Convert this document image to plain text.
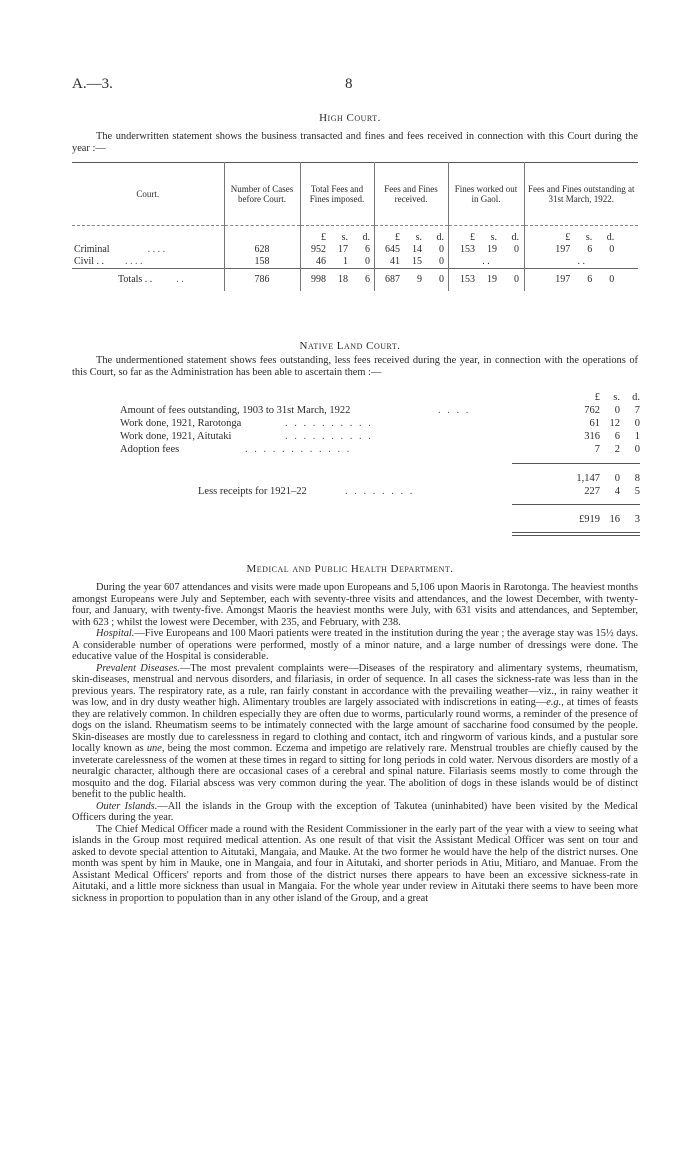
A.—3.	8
High Court.

The underwritten statement shows the business transacted and fines and fees received in connection with this Court during the year :—

Court.	Number of Cases before Court.	Total Fees and Fines imposed.	Fees and Fines received.	Fines worked out in Gaol.	Fees and Fines outstanding at 31st March, 1922.

		£ s. d.	£ s. d.	£ s. d.	£ s. d.

Criminal . . . .	628	952 17 6	645 14 0	153 19 0	197 6 0

Civil . . . . . .	158	46 1 0	41 15 0	. .	. .
Totals . . . .	786	998 18 6	687 9 0	153 19 0	197 6 0
Native Land Court.

The undermentioned statement shows fees outstanding, less fees received during the year, in connection with the operations of this Court, so far as the Administration has been able to ascertain them :—

£	s.	d.
Amount of fees outstanding, 1903 to 31st March, 1922	. . . .	762	0	7
Work done, 1921, Rarotonga	. . . . . . . . . .	61 12	0
Work done, 1921, Aitutaki	. . . . . . . . . .	316	6	1
Adoption fees	. . . . . . . . . . . .	7	2	0
1,147	0	8
Less receipts for 1921–22	. . . . . . . .	227	4	5
£919 16	3
Medical and Public Health Department.

During the year 607 attendances and visits were made upon Europeans and 5,106 upon Maoris in Rarotonga. The heaviest months amongst Europeans were July and September, each with seventy-three visits and attendances, and the lowest December, with twenty-four, and January, with twenty-five. Amongst Maoris the heaviest months were July, with 631 visits and attendances, and September, with 623 ; whilst the lowest were December, with 235, and February, with 238.

Hospital.—Five Europeans and 100 Maori patients were treated in the institution during the year ; the average stay was 15½ days. A considerable number of operations were performed, mostly of a minor nature, and a large number of dressings were done. The educative value of the Hospital is considerable.

Prevalent Diseases.—The most prevalent complaints were—Diseases of the respiratory and alimentary systems, rheumatism, skin-diseases, menstrual and nervous disorders, and filariasis, in order of sequence. In all cases the sickness-rate was less than in the previous years. The respiratory rate, as a rule, ran fairly constant in accordance with the prevailing weather—viz., in rainy weather it was low, and in dry dusty weather high. Alimentary troubles are largely associated with indiscretions in eating—e.g., at times of feasts they are relatively common. In children especially they are often due to worms, particularly round worms, a reminder of the presence of dogs on the island. Rheumatism seems to be intimately connected with the large amount of saccharine food consumed by the people. Skin-diseases are mostly due to carelessness in regard to clothing and contact, itch and ringworm of various kinds, and a pustular sore locally known as une, being the most common. Eczema and impetigo are relatively rare. Menstrual troubles are chiefly caused by the inveterate carelessness of the women at these times in regard to sitting for long periods in cold water. Nervous disorders are mostly of a neuralgic character, although there are occasional cases of a cerebral and spinal nature. Filariasis seems mostly to come through the mosquito and the dog. Filarial abscess was very common during the year. The abolition of dogs in these islands would be of distinct benefit to the public health.

Outer Islands.—All the islands in the Group with the exception of Takutea (uninhabited) have been visited by the Medical Officers during the year.

The Chief Medical Officer made a round with the Resident Commissioner in the early part of the year with a view to seeing what islands in the Group most required medical attention. As one result of that visit the Assistant Medical Officer was sent on tour and asked to devote special attention to Aitutaki, Mangaia, and Mauke. At the two former he would have the help of the district nurses. One month was spent by him in Mauke, one in Mangaia, and four in Aitutaki, and shorter periods in Atiu, Mitiaro, and Manuae. From the Assistant Medical Officers' reports and from those of the district nurses there appears to have been an excessive sickness-rate in Aitutaki, and a little more sickness than usual in Mangaia. For the whole year under review in Aitutaki there seems to have been more sickness in proportion to population than in any other island of the Group, and a great
